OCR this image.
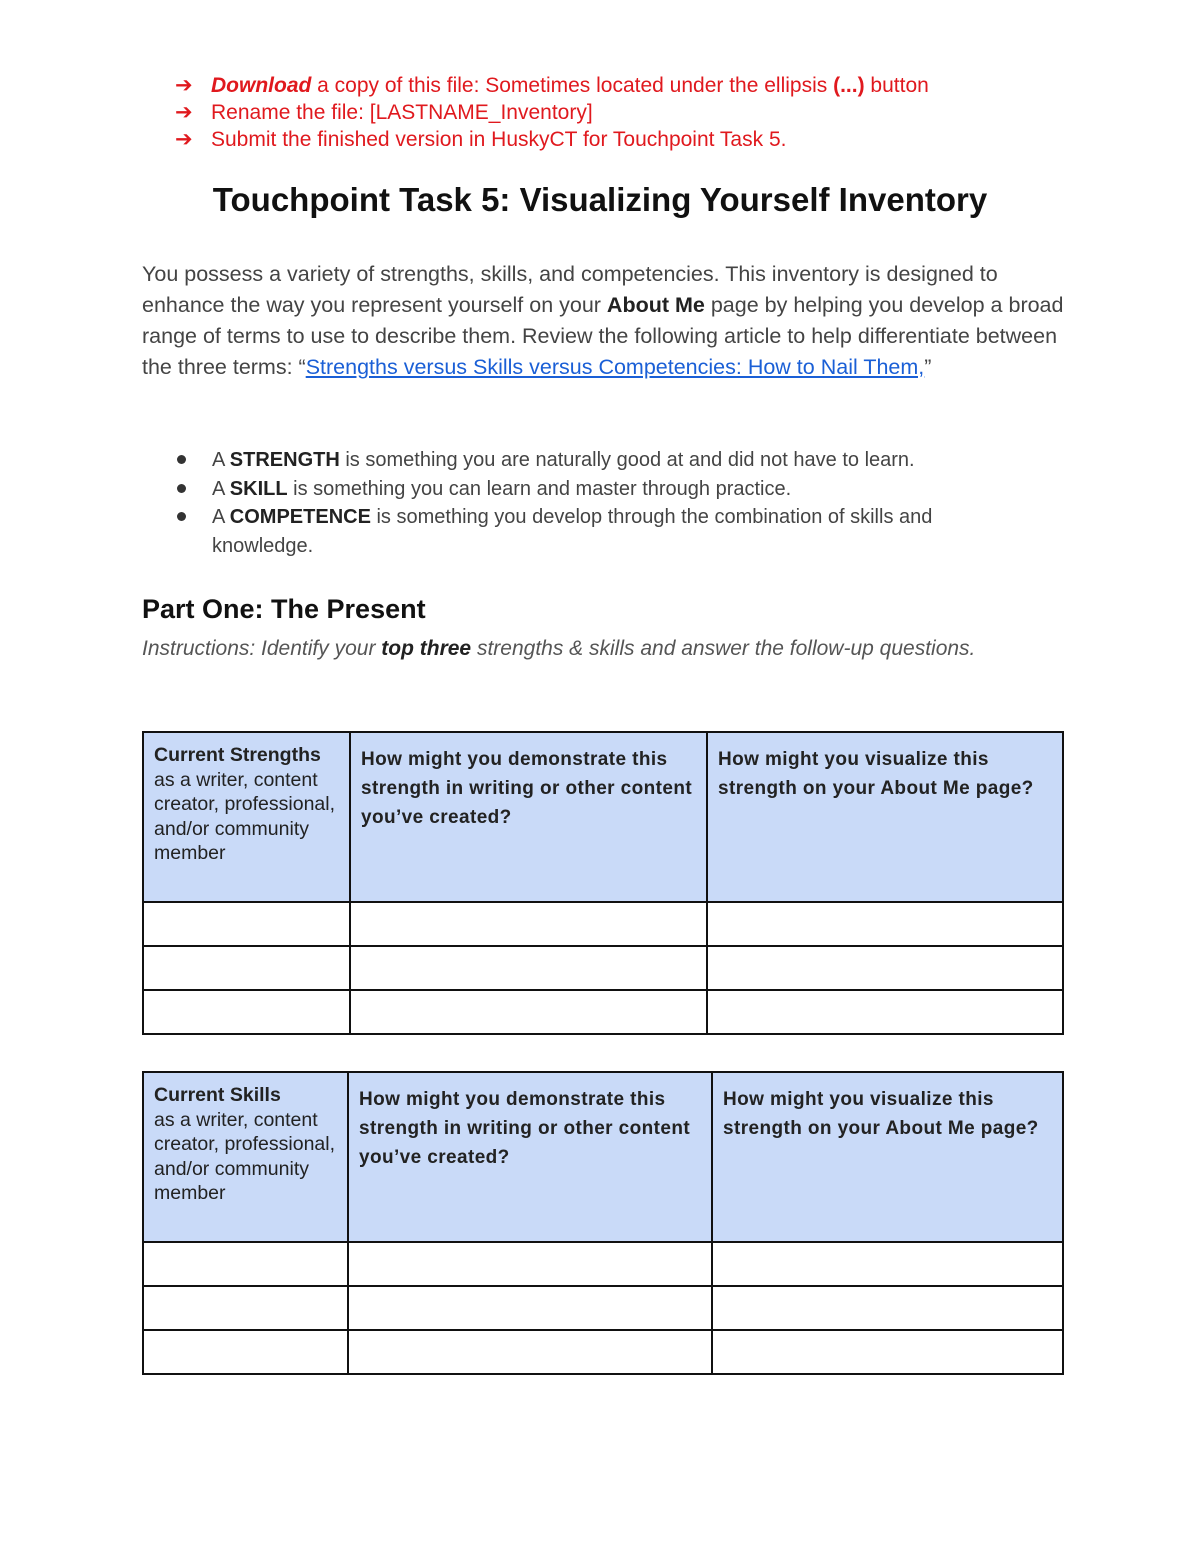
➔ Download a copy of this file: Sometimes located under the ellipsis (...) button
➔ Rename the file: [LASTNAME_Inventory]
➔ Submit the finished version in HuskyCT for Touchpoint Task 5.
Touchpoint Task 5: Visualizing Yourself Inventory
You possess a variety of strengths, skills, and competencies. This inventory is designed to enhance the way you represent yourself on your About Me page by helping you develop a broad range of terms to use to describe them. Review the following article to help differentiate between the three terms: “Strengths versus Skills versus Competencies: How to Nail Them,”
A STRENGTH is something you are naturally good at and did not have to learn.
A SKILL is something you can learn and master through practice.
A COMPETENCE is something you develop through the combination of skills and knowledge.
Part One: The Present
Instructions: Identify your top three strengths & skills and answer the follow-up questions.
Current Strengths
as a writer, content creator, professional, and/or community member	How might you demonstrate this strength in writing or other content you’ve created?	How might you visualize this strength on your About Me page?

Current Skills
as a writer, content creator, professional, and/or community member	How might you demonstrate this strength in writing or other content you’ve created?	How might you visualize this strength on your About Me page?
